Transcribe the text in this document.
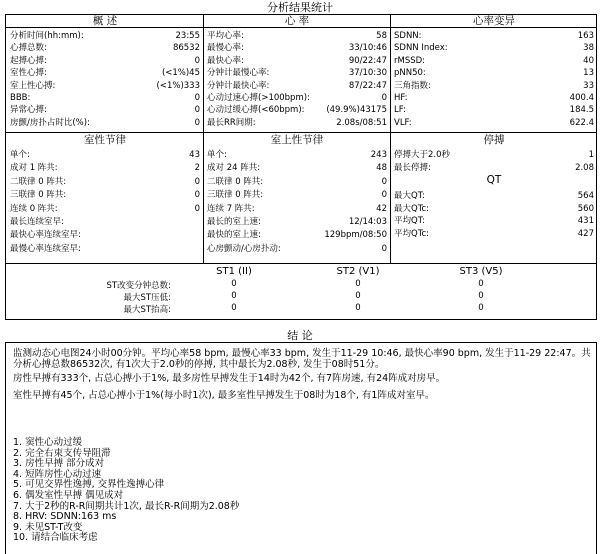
分析结果统计
概 述
分析时间(hh:mm):	23:55
心搏总数:	86532
起搏心搏:	0
室性心搏:	(<1%)45
室上性心搏:	(<1%)333
BBB:	0
异常心搏:	0
房颤/房扑占时比(%):	0
心 率
平均心率:	58
最慢心率:	33/10:46
最快心率:	90/22:47
分钟计最慢心率:	37/10:30
分钟计最快心率:	87/22:47
心动过速心搏(>100bpm):	0
心动过缓心搏(<60bpm):	(49.9%)43175
最长RR间期:	2.08s/08:51
心率变异
SDNN:	163
SDNN Index:	38
rMSSD:	40
pNN50:	13
三角指数:	33
HF:	400.4
LF:	184.5
VLF:	622.4
室性节律
单个:	43
成对 1 阵共:	2
二联律 0 阵共:	0
三联律 0 阵共:	0
连续 0 阵共:	0
最长连续室早:
最快心率连续室早:
最慢心率连续室早:
室上性节律
单个:	243
成对 24 阵共:	48
二联律 0 阵共:	0
三联律 0 阵共:	0
连续 7 阵共:	42
最长的室上速:	12/14:03
最快的室上速:	129bpm/08:50
心房颤动/心房扑动:	0
停搏
停搏大于2.0秒	1
最长停搏:	2.08
QT
最大QT:	564
最大QTc:	560
平均QT:	431
平均QTc:	427
ST1 (II)	ST2 (V1)	ST3 (V5)
ST改变分钟总数:	0	0	0
最大ST压低:	0	0	0
最大ST抬高:	0	0	0
结 论

监测动态心电图24小时00分钟。平均心率58 bpm, 最慢心率33 bpm, 发生于11-29 10:46, 最快心率90 bpm, 发生于11-29 22:47。共分析心搏总数86532次, 有1次大于2.0秒的停搏, 其中最长为2.08秒, 发生于08时51分。

房性早搏有333个, 占总心搏小于1%, 最多房性早搏发生于14时为42个, 有7阵房速, 有24阵成对房早。

室性早搏有45个, 占总心搏小于1%(每小时1次), 最多室性早搏发生于08时为18个, 有1阵成对室早。

1. 窦性心动过缓
2. 完全右束支传导阻滞
3. 房性早搏 部分成对
4. 短阵房性心动过速
5. 可见交界性逸搏, 交界性逸搏心律
6. 偶发室性早搏 偶见成对
7. 大于2秒的R-R间期共计1次, 最长R-R间期为2.08秒
8. HRV: SDNN:163 ms
9. 未见ST-T改变
10. 请结合临床考虑
